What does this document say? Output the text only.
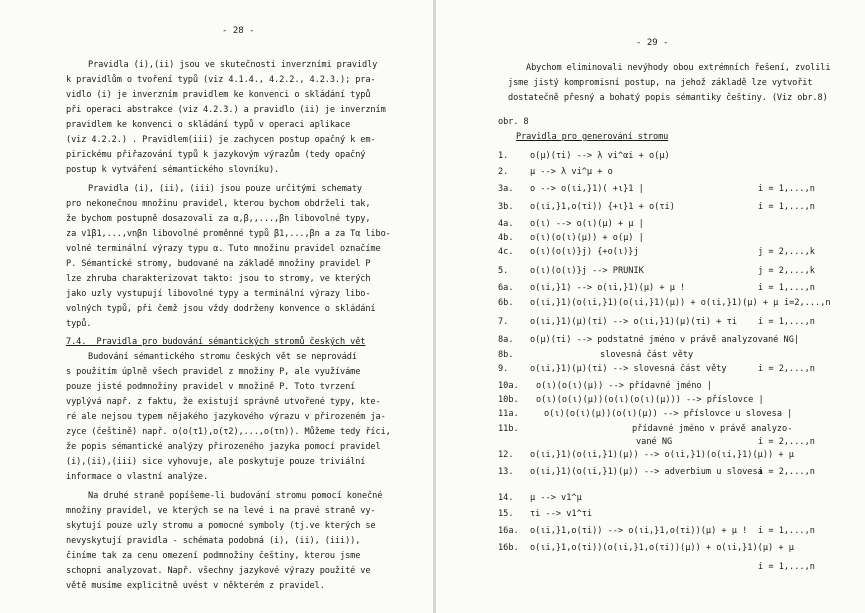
- 28 -
Pravidla (i),(ii) jsou ve skutečnosti inverzními pravidly
k pravidlům o tvoření typů (viz 4.1.4., 4.2.2., 4.2.3.); pra-
vidlo (i) je inverzním pravidlem ke konvenci o skládání typů
při operaci abstrakce (viz 4.2.3.) a pravidlo (ii) je inverzním
pravidlem ke konvenci o skládání typů v operaci aplikace
(viz 4.2.2.) . Pravidlem(iii) je zachycen postup opačný k em-
pirickému přiřazování typů k jazykovým výrazům (tedy opačný
postup k vytváření sémantického slovníku).
Pravidla (i), (ii), (iii) jsou pouze určitými schematy
pro nekonečnou množinu pravidel, kterou bychom obdrželi tak,
že bychom postupně dosazovali za α,β,,...,βn libovolné typy,
za v1β1,...,vnβn libovolné proměnné typů β1,...,βn a za Tα libo-
volné terminální výrazy typu α. Tuto množinu pravidel označíme
P. Sémantické stromy, budované na základě množiny pravidel P
lze zhruba charakterizovat takto: jsou to stromy, ve kterých
jako uzly vystupují libovolné typy a terminální výrazy libo-
volných typů, při čemž jsou vždy dodrženy konvence o skládání
typů.
7.4.  Pravidla pro budování sémantických stromů českých vět
Budování sémantického stromu českých vět se neprovádí
s použitím úplně všech pravidel z množiny P, ale využíváme
pouze jisté podmnožiny pravidel v množině P. Toto tvrzení
vyplývá např. z faktu, že existují správně utvořené typy, kte-
ré ale nejsou typem nějakého jazykového výrazu v přirozeném ja-
zyce (češtině) např. o(o(τ1),o(τ2),...,o(τn)). Můžeme tedy říci,
že popis sémantické analýzy přirozeného jazyka pomocí pravidel
(i),(ii),(iii) sice vyhovuje, ale poskytuje pouze triviální
informace o vlastní analýze.
Na druhé straně popíšeme-li budování stromu pomocí konečné
množiny pravidel, ve kterých se na levé i na pravé straně vy-
skytují pouze uzly stromu a pomocné symboly (tj.ve kterých se
nevyskytují pravidla - schémata podobná (i), (ii), (iii)),
činíme tak za cenu omezení podmnožiny češtiny, kterou jsme
schopni analyzovat. Např. všechny jazykové výrazy použité ve
větě musíme explicitně uvést v některém z pravidel.
- 29 -
Abychom eliminovali nevýhody obou extrémních řešení, zvolili
jsme jistý kompromisní postup, na jehož základě lze vytvořit
dostatečně přesný a bohatý popis sémantiky češtiny. (Viz obr.8)
obr. 8
Pravidla pro generování stromu
1.	o(μ)(τi) --> λ vi^αi + o(μ)
2.	μ --> λ vi^μ + o
3a. o --> o(ιi,}1)( +ι}1 |	i = 1,...,n
3b. o(ιi,}1,o(τi)) {+ι}1 + o(τi)	i = 1,...,n
4a. o(ι) --> o(ι)(μ) + μ |
4b. o(ι)(o(ι)(μ)) + o(μ) |
4c. o(ι)(o(ι)}j) {+o(ι)}j	j = 2,...,k
5.	o(ι)(o(ι)}j --> PRUNIK	j = 2,...,k
6a. o(ιi,}1) --> o(ιi,}1)(μ) + μ !	i = 1,...,n
6b. o(ιi,}1)(o(ιi,}1)(o(ιi,}1)(μ)) + o(ιi,}1)(μ) + μ i=2,...,n
7.	o(ιi,}1)(μ)(τi) --> o(ιi,}1)(μ)(τi) + τi i = 1,...,n
8a. o(μ)(τi) --> podstatné jméno v právě analyzované NG|
8b.	slovesná část věty
9.	o(ιi,}1)(μ)(τi) --> slovesná část věty	i = 2,...,n
10a. o(ι)(o(ι)(μ)) --> přídavné jméno |
10b. o(ι)(o(ι)(μ))(o(ι)(o(ι)(μ))) --> příslovce |
11a.	o(ι)(o(ι)(μ))(o(ι)(μ)) --> příslovce u slovesa |
11b.	přídavné jméno v právě analyzo-
vané NG	i = 2,...,n
12. o(ιi,}1)(o(ιi,}1)(μ)) --> o(ιi,}1)(o(ιi,}1)(μ)) + μ
13. o(ιi,}1)(o(ιi,}1)(μ)) --> adverbium u slovesa
i = 2,...,n
14. μ --> v1^μ
15. τi --> v1^τi
16a. o(ιi,}1,o(τi)) --> o(ιi,}1,o(τi))(μ) + μ ! i = 1,...,n
16b. o(ιi,}1,o(τi))(o(ιi,}1,o(τi))(μ)) + o(ιi,}1)(μ) + μ
i = 1,...,n
